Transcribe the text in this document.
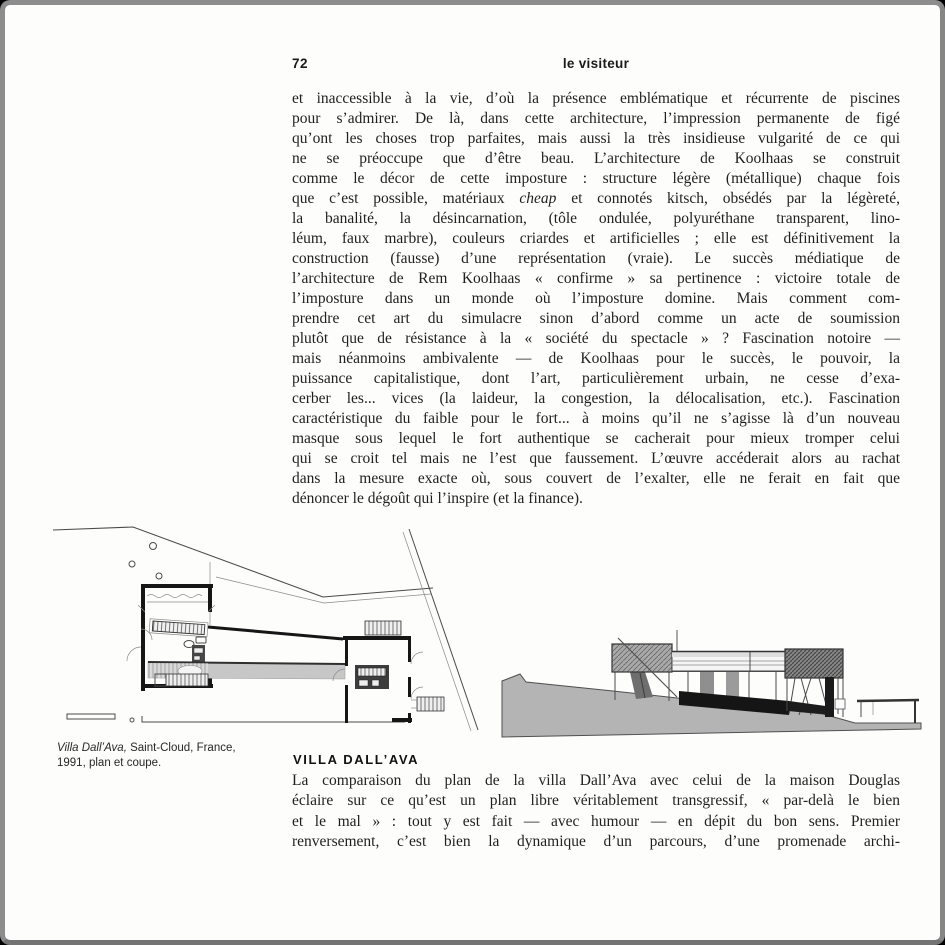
72	le visiteur
et inaccessible à la vie, d’où la présence emblématique et récurrente de piscines
pour s’admirer. De là, dans cette architecture, l’impression permanente de figé
qu’ont les choses trop parfaites, mais aussi la très insidieuse vulgarité de ce qui
ne se préoccupe que d’être beau. L’architecture de Koolhaas se construit
comme le décor de cette imposture : structure légère (métallique) chaque fois
que c’est possible, matériaux cheap et connotés kitsch, obsédés par la légèreté,
la banalité, la désincarnation, (tôle ondulée, polyuréthane transparent, lino-
léum, faux marbre), couleurs criardes et artificielles ; elle est définitivement la
construction (fausse) d’une représentation (vraie). Le succès médiatique de
l’architecture de Rem Koolhaas « confirme » sa pertinence : victoire totale de
l’imposture dans un monde où l’imposture domine. Mais comment com-
prendre cet art du simulacre sinon d’abord comme un acte de soumission
plutôt que de résistance à la « société du spectacle » ? Fascination notoire —
mais néanmoins ambivalente — de Koolhaas pour le succès, le pouvoir, la
puissance capitalistique, dont l’art, particulièrement urbain, ne cesse d’exa-
cerber les... vices (la laideur, la congestion, la délocalisation, etc.). Fascination
caractéristique du faible pour le fort... à moins qu’il ne s’agisse là d’un nouveau
masque sous lequel le fort authentique se cacherait pour mieux tromper celui
qui se croit tel mais ne l’est que faussement. L’œuvre accéderait alors au rachat
dans la mesure exacte où, sous couvert de l’exalter, elle ne ferait en fait que
dénoncer le dégoût qui l’inspire (et la finance).
Villa Dall’Ava, Saint-Cloud, France,
1991, plan et coupe.	VILLA DALL’AVA
La comparaison du plan de la villa Dall’Ava avec celui de la maison Douglas
éclaire sur ce qu’est un plan libre véritablement transgressif, « par-delà le bien
et le mal » : tout y est fait — avec humour — en dépit du bon sens. Premier
renversement, c’est bien la dynamique d’un parcours, d’une promenade archi-
